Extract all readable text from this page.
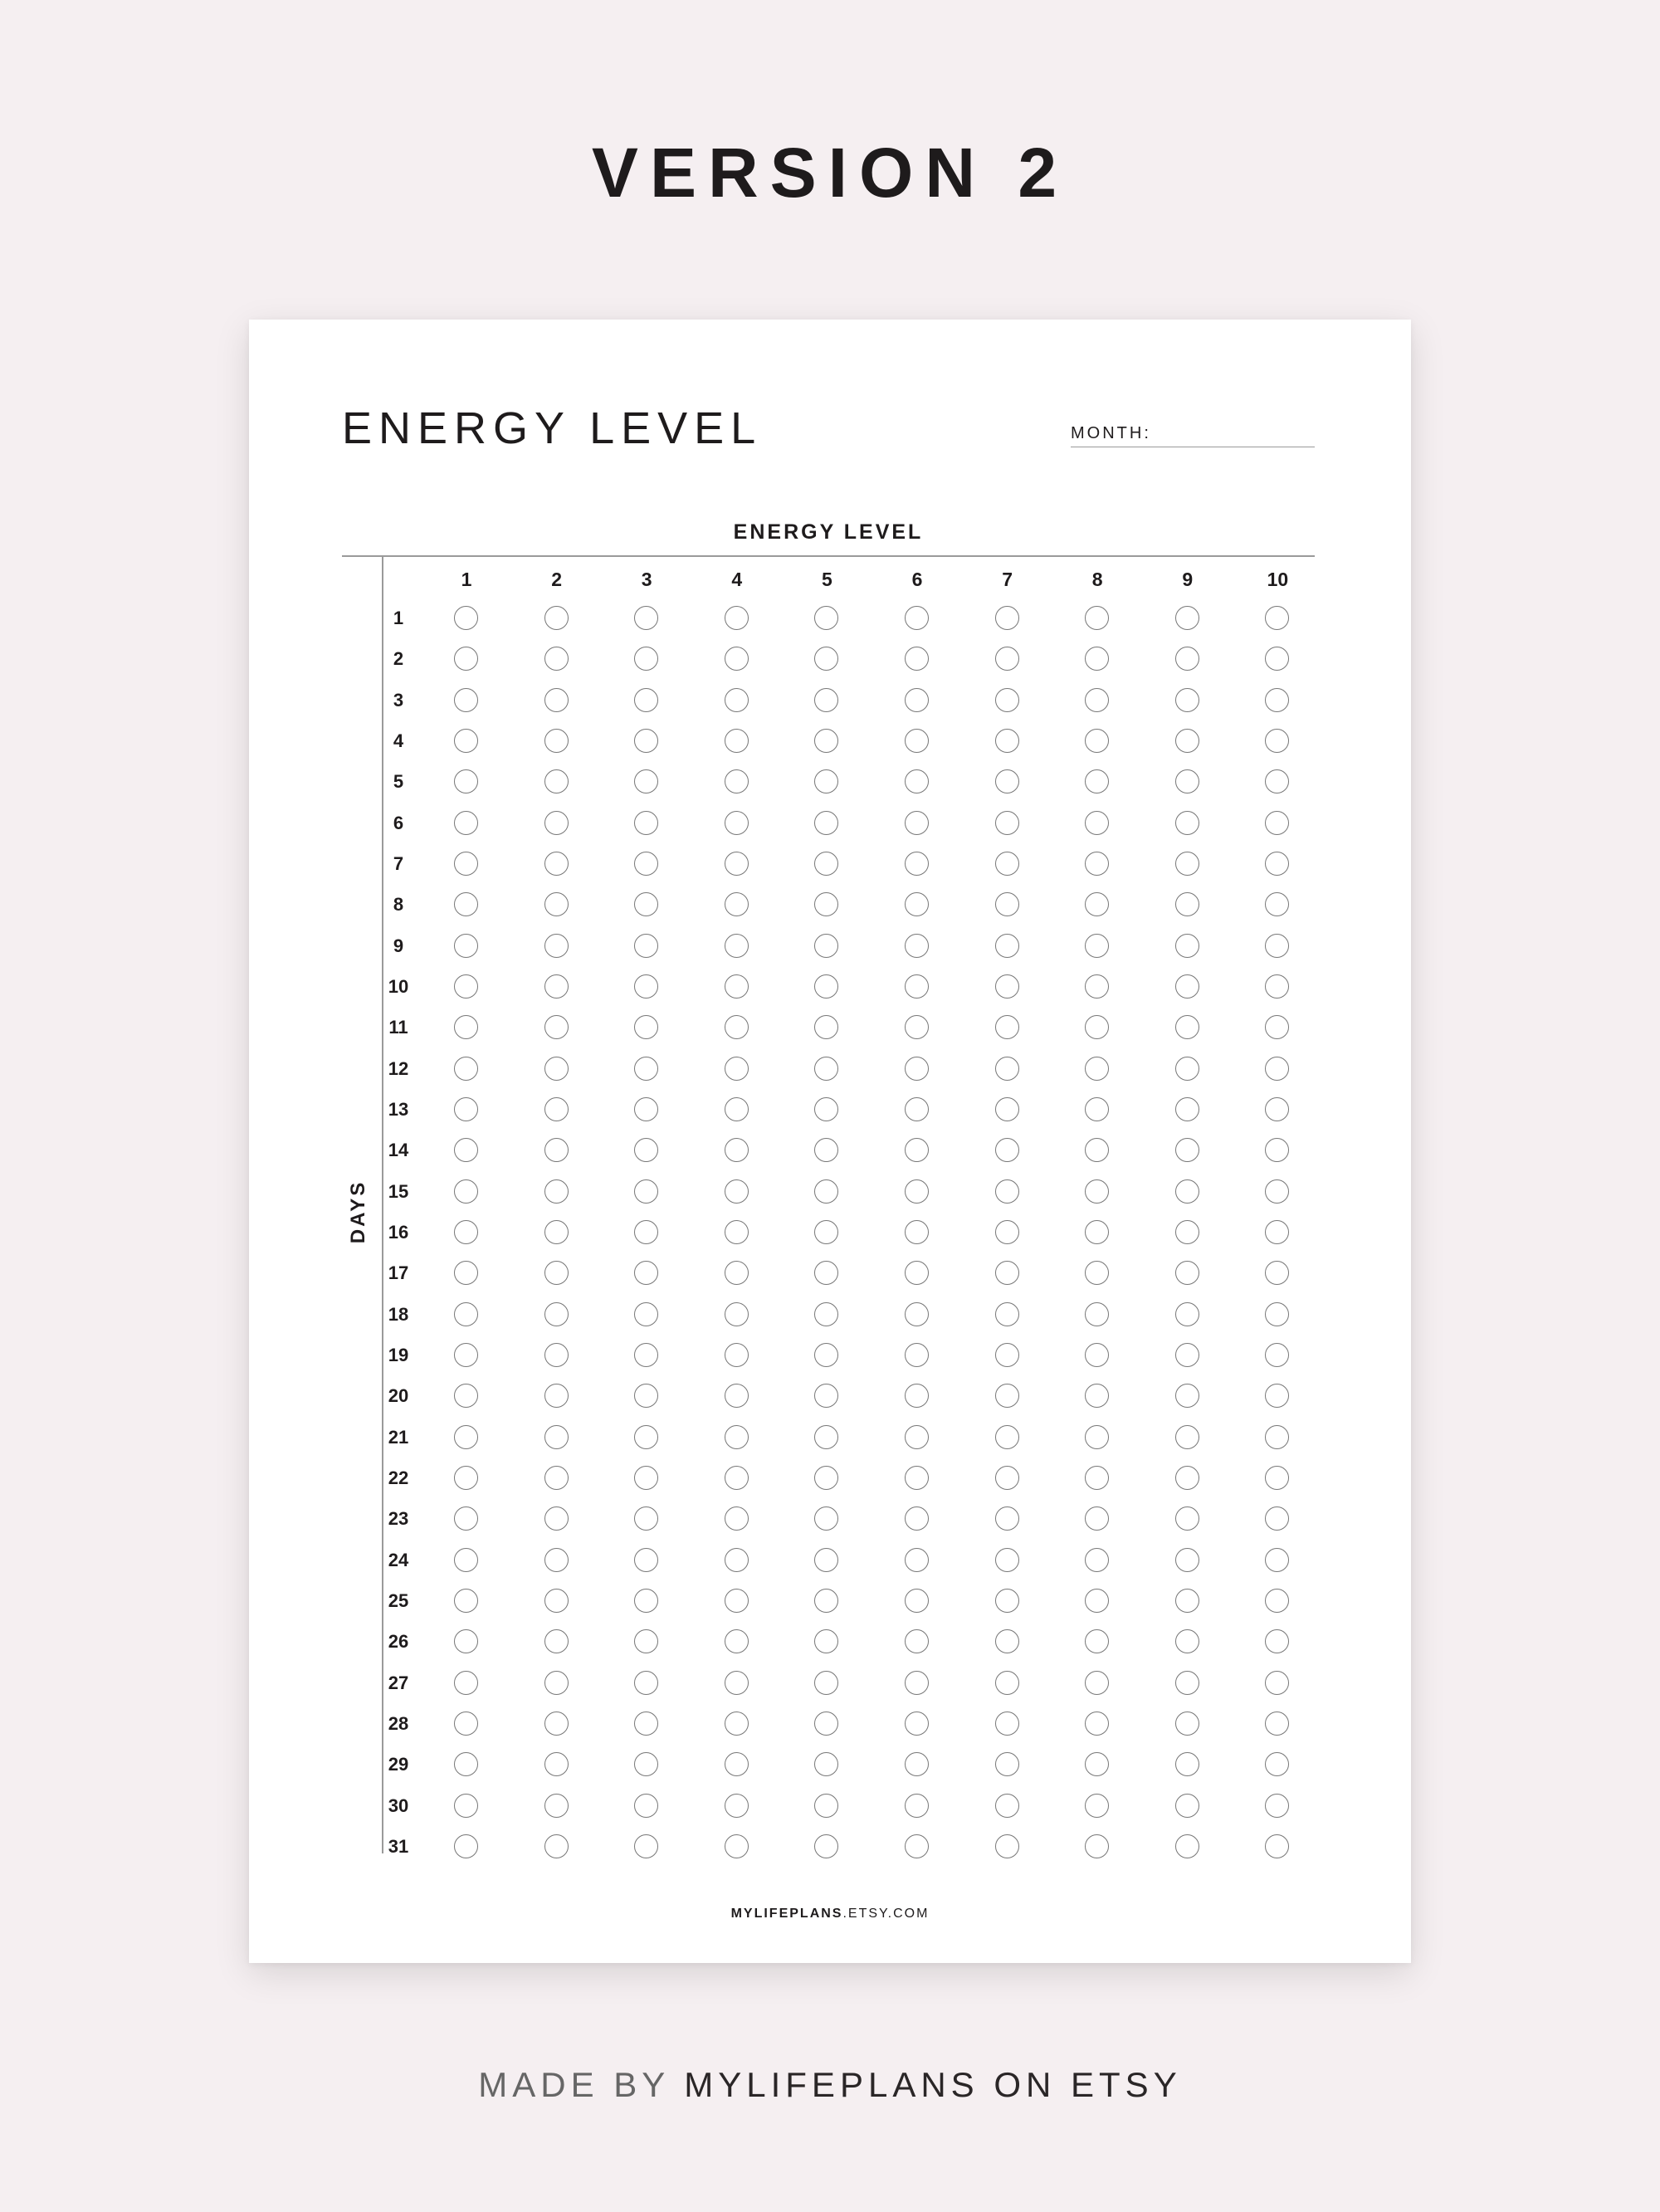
VERSION 2
ENERGY LEVEL	MONTH:
ENERGY LEVEL
DAYS
1	2	3	4	5	6	7	8	9	10
1
2
3
4
5
6
7
8
9
10
11
12
13
14
15
16
17
18
19
20
21
22
23
24
25
26
27
28
29
30
31
MYLIFEPLANS.ETSY.COM
MADE BY MYLIFEPLANS ON ETSY
